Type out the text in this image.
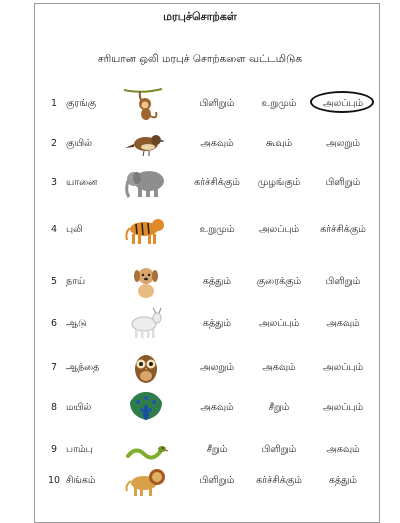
மரபுச்சொற்கள்
சரியான ஒலி மரபுச் சொற்களை வட்டமிடுக
1 குரங்கு	பிளிறும்	உறுமும்	அலப்பும்
2 குயில்	அகவும்	கூவும்	அலறும்
3 யானை	கர்ச்சிக்கும்	முழங்கும்	பிளிறும்
4 புலி	உறுமும்	அலப்பும்	கர்ச்சிக்கும்
5 நாய்	கத்தும்	குரைக்கும்	பிளிறும்
6 ஆடு	கத்தும்	அலப்பும்	அகவும்
7 ஆந்தை	அலறும்	அகவும்	அலப்பும்
8 மயில்	அகவும்	சீறும்	அலப்பும்
9 பாம்பு	சீறும்	பிளிறும்	அகவும்
10 சிங்கம்	பிளிறும்	கர்ச்சிக்கும்	கத்தும்
